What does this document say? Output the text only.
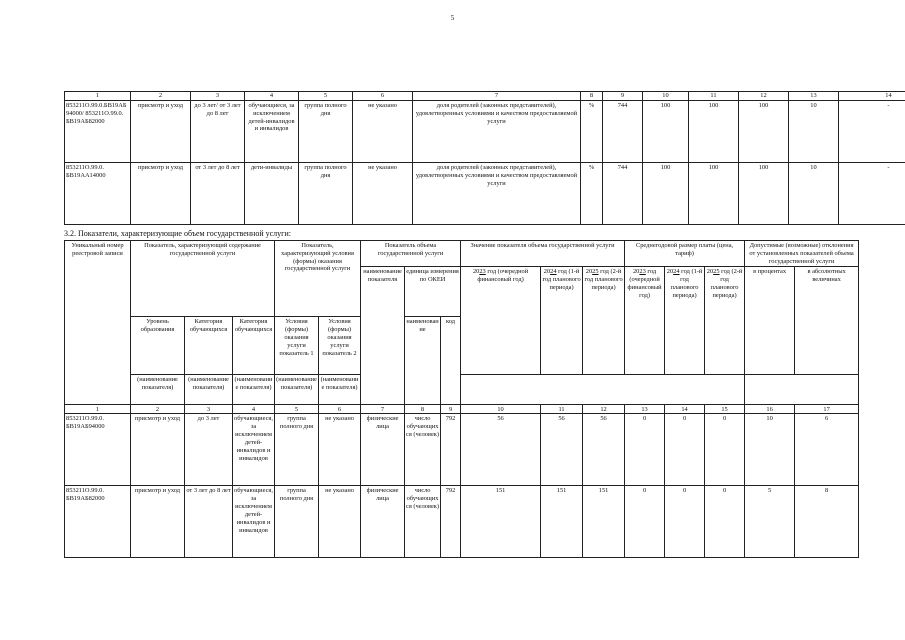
5
1	2	3	4	5	6	7	8	9	10	11	12	13	14
853211О.99.0.БВ19АБ94000/ 853211О.99.0. БВ19АБ82000	присмотр и уход	до 3 лет/ от 3 лет до 8 лет	обучающиеся, за исключением детей-инвалидов и инвалидов	группа полного дня	не указано	доля родителей (законных представителей), удовлетворенных условиями и качеством предоставляемой услуги	%	744	100	100	100	10	-
853211О.99.0. БВ19АА14000	присмотр и уход	от 3 лет до 8 лет	дети-инвалиды	группа полного дня	не указано	доля родителей (законных представителей), удовлетворенных условиями и качеством предоставляемой услуги	%	744	100	100	100	10	-
3.2. Показатели, характеризующие объем государственной услуги:
Уникальный номер реестровой записи	Показатель, характеризующий содержание государственной услуги			Показатель, характеризующий условия (формы) оказания государственной услуги		Показатель объема государственной услуги			Значение показателя объема государственной услуги			Среднегодовой размер платы (цена, тариф)			Допустимые (возможные) отклонения от установленных показателей объема государственной услуги	
						наименование показателя	единица измерения по ОКЕИ		2023 год (очередной финансовый год)	2024 год (1-й год планового периода)	2025 год (2-й год планового периода)	2023 год (очередной финансовый год)	2024 год (1-й год планового периода)	2025 год (2-й год планового периода)	в процентах	в абсолютных величинах
	Уровень образования	Категория обучающихся	Категория обучающихся	Условия (формы) оказания услуги показатель 1	Условия (формы) оказания услуги показатель 2		наименование	код								
	(наименование показателя)	(наименование показателя)	(наименование показателя)	(наименование показателя)	(наименование показателя)											
1	2	3	4	5	6	7	8	9	10	11	12	13	14	15	16	17
853211О.99.0. БВ19АБ94000	присмотр и уход	до 3 лет	обучающиеся, за исключением детей-инвалидов и инвалидов	группа полного дня	не указано	физические лица	число обучающихся (человек)	792	56	56	56	0	0	0	10	6
853211О.99.0. БВ19АБ82000	присмотр и уход	от 3 лет до 8 лет	обучающиеся, за исключением детей-инвалидов и инвалидов	группа полного дня	не указано	физические лица	число обучающихся (человек)	792	151	151	151	0	0	0	5	8
